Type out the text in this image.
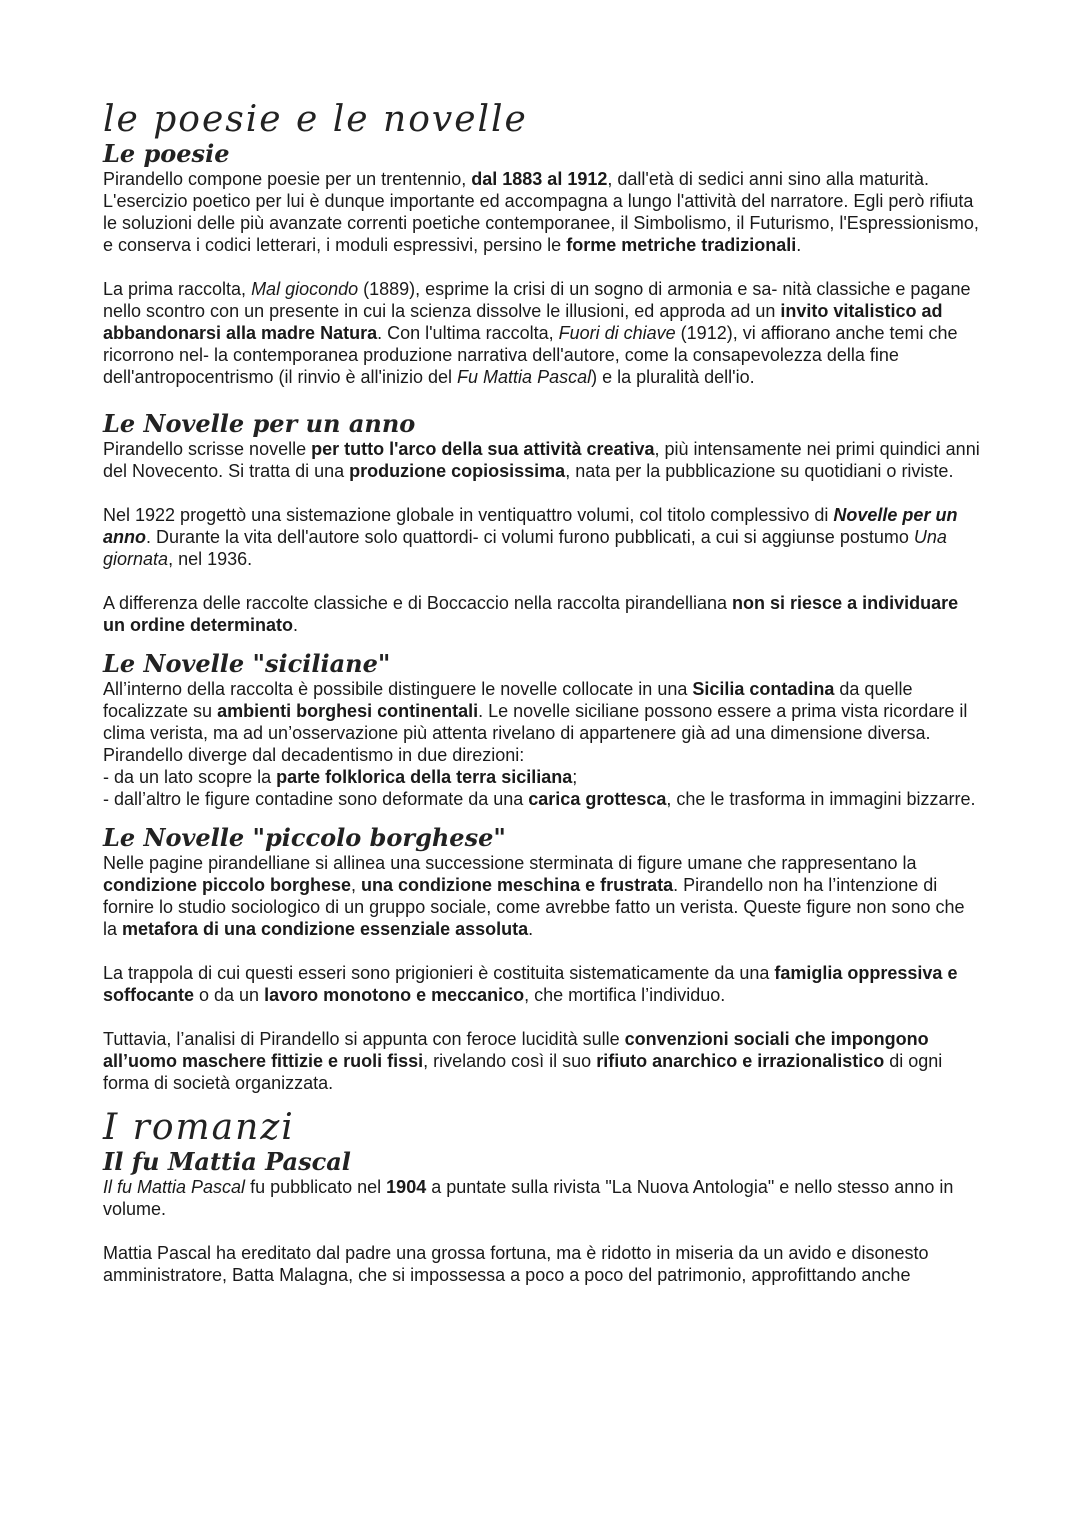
le poesie e le novelle
Le poesie

Pirandello compone poesie per un trentennio, dal 1883 al 1912, dall'età di sedici anni sino alla maturità. L'esercizio poetico per lui è dunque importante ed accompagna a lungo l'attività del narratore. Egli però rifiuta le soluzioni delle più avanzate correnti poetiche contemporanee, il Simbolismo, il Futurismo, l'Espressionismo, e conserva i codici letterari, i moduli espressivi, persino le forme metriche tradizionali.

La prima raccolta, Mal giocondo (1889), esprime la crisi di un sogno di armonia e sa- nità classiche e pagane nello scontro con un presente in cui la scienza dissolve le illusioni, ed approda ad un invito vitalistico ad abbandonarsi alla madre Natura. Con l'ultima raccolta, Fuori di chiave (1912), vi affiorano anche temi che ricorrono nel- la contemporanea produzione narrativa dell'autore, come la consapevolezza della fine dell'antropocentrismo (il rinvio è all'inizio del Fu Mattia Pascal) e la pluralità dell'io.

Le Novelle per un anno

Pirandello scrisse novelle per tutto l'arco della sua attività creativa, più intensamente nei primi quindici anni del Novecento. Si tratta di una produzione copiosissima, nata per la pubblicazione su quotidiani o riviste.

Nel 1922 progettò una sistemazione globale in ventiquattro volumi, col titolo complessivo di Novelle per un anno. Durante la vita dell'autore solo quattordi- ci volumi furono pubblicati, a cui si aggiunse postumo Una giornata, nel 1936.

A differenza delle raccolte classiche e di Boccaccio nella raccolta pirandelliana non si riesce a individuare un ordine determinato.

Le Novelle "siciliane"

All’interno della raccolta è possibile distinguere le novelle collocate in una Sicilia contadina da quelle focalizzate su ambienti borghesi continentali. Le novelle siciliane possono essere a prima vista ricordare il clima verista, ma ad un’osservazione più attenta rivelano di appartenere già ad una dimensione diversa. Pirandello diverge dal decadentismo in due direzioni:
- da un lato scopre la parte folklorica della terra siciliana;
- dall’altro le figure contadine sono deformate da una carica grottesca, che le trasforma in immagini bizzarre.

Le Novelle "piccolo borghese"

Nelle pagine pirandelliane si allinea una successione sterminata di figure umane che rappresentano la condizione piccolo borghese, una condizione meschina e frustrata. Pirandello non ha l’intenzione di fornire lo studio sociologico di un gruppo sociale, come avrebbe fatto un verista. Queste figure non sono che la metafora di una condizione essenziale assoluta.

La trappola di cui questi esseri sono prigionieri è costituita sistematicamente da una famiglia oppressiva e soffocante o da un lavoro monotono e meccanico, che mortifica l’individuo.

Tuttavia, l’analisi di Pirandello si appunta con feroce lucidità sulle convenzioni sociali che impongono all’uomo maschere fittizie e ruoli fissi, rivelando così il suo rifiuto anarchico e irrazionalistico di ogni forma di società organizzata.

I romanzi
Il fu Mattia Pascal

Il fu Mattia Pascal fu pubblicato nel 1904 a puntate sulla rivista "La Nuova Antologia" e nello stesso anno in volume.

Mattia Pascal ha ereditato dal padre una grossa fortuna, ma è ridotto in miseria da un avido e disonesto amministratore, Batta Malagna, che si impossessa a poco a poco del patrimonio, approfittando anche
